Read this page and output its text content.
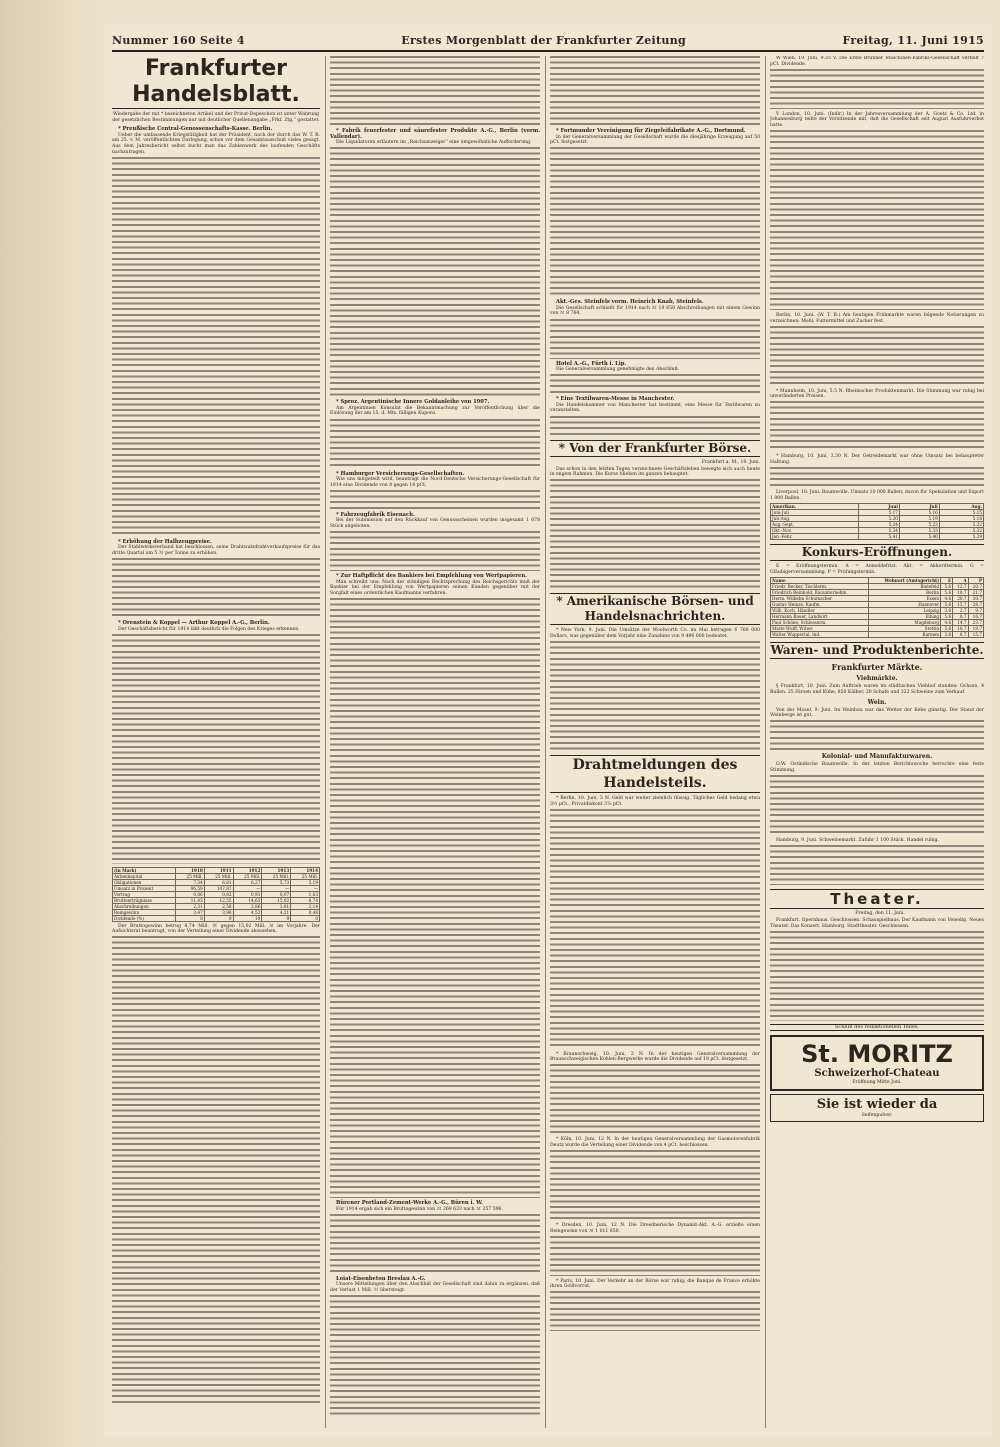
Nummer 160 Seite 4	Erstes Morgenblatt der Frankfurter Zeitung	Freitag, 11. Juni 1915
Frankfurter Handelsblatt.
Wiedergabe der mit * bezeichneten Artikel und der Privat-Depeschen ist unter Wahrung der gesetzlichen Bestimmungen nur mit deutlicher Quellenangabe „Frkf. Ztg.“ gestattet.
* Preußische Central-Genossenschafts-Kasse. Berlin.

Ueber die umfassende Kriegstätigkeit hat der Präsident, nach der durch das W. T. B. am 25. v. M. veröffentlichten Darlegung, schon vor dem Gesamtausschuß vieles gesagt. Aus dem Jahresbericht selbst bucht man das Zahlenwerk des laufenden Geschäfts nachzutragen.

* Erhöhung der Halbzeugpreise.

Der Stahlwerksverband hat beschlossen, seine Drahtwalzdrahtverkaufspreise für das dritte Quartal um 5 ℳ per Tonne zu erhöhen.

* Orenstein & Koppel — Arthur Koppel A.-G., Berlin.

Der Geschäftsbericht für 1914 läßt deutlich die Folgen des Krieges erkennen.

(in Mark)	1910	1911	1912	1913	1914
Aktienkapital	25 Mill.	25 Mill.	25 Mill.	25 Mill.	25 Mill.
Obligationen	7,34	6,81	6,27	5,73	5,19
Umsatz in Prozent	96,59	107,87	—	—	—
Vortrag	0,86	0,82	0,91	0,97	1,03
Bruttoerträgnisse	11,43	12,55	14,63	15,02	8,74
Abschreibungen	2,31	2,58	2,86	3,01	2,14
Reingewinn	3,47	3,96	4,52	4,21	0,48
Dividende (%)	8	9	10	9	0

Der Bruttogewinn betrug 8,74 Mill. ℳ gegen 15,02 Mill. ℳ im Vorjahre. Der Aufsichtsrat beantragt, von der Verteilung einer Dividende abzusehen.

* Fabrik feuerfester und säurefester Produkte A.-G., Berlin (vorm. Vallendar).

Die Liquidatoren erläutern im „Reichsanzeiger“ eine umgewöhnliche Aufforderung.

* Sproz. Argentinische Innere Goldanleihe von 1907.

Am Argentinien Konsulat die Bekanntmachung zur Veröffentlichung über die Einlösung der am 15. d. Mts. fälligen Kupons.

* Hamburger Versicherungs-Gesellschaften.

Wie uns mitgeteilt wird, beantragt die Nord-Deutsche Versicherungs-Gesellschaft für 1914 eine Dividende von 8 gegen 14 pCt.

* Fahrzeugfabrik Eisenach.

Bei der Submission auf den Rückkauf von Genussscheinen wurden insgesamt 1 078 Stück angeboten.

* Zur Haftpflicht des Bankiers bei Empfehlung von Wertpapieren.

Man schreibt uns: Nach der ständigen Rechtsprechung des Reichsgerichts muß der Bankier bei der Empfehlung von Wertpapieren seinen Kunden gegenüber mit der Sorgfalt eines ordentlichen Kaufmanns verfahren.

Bürener Portland-Zement-Werke A.-G., Büren i. W.

Für 1914 ergab sich ein Bruttogewinn von ℳ 269 633 nach ℳ 257 596.

Loiat-Eisenbeton Breslau A.-G.

Unsere Mitteilungen über den Abschluß der Gesellschaft sind dahin zu ergänzen, daß der Verlust 1 Mill. ℳ übersteigt.

* Fortmunder Vereinigung für Ziegeleifabrikate A.-G., Dortmund.

In der Generalversammlung der Gesellschaft wurde die diesjährige Erzeugung auf 50 pCt. festgesetzt.

Akt.-Ges. Steinfels vorm. Heinrich Knab, Steinfels.

Die Gesellschaft schließt für 1914 nach ℳ 19 658 Abschreibungen mit einem Gewinn von ℳ 8 764.

Hotel A.-G., Fürth i. Lip.

Die Generalversammlung genehmigte den Abschluß.

* Eine Textilwaren-Messe in Manchester.

Die Handelskammer von Manchester hat bestimmt, eine Messe für Textilwaren zu veranstalten.

* Von der Frankfurter Börse.

Frankfurt a. M., 10. Juni.

Das schon in den letzten Tagen verzeichnete Geschäftsleben bewegte sich auch heute in engem Rahmen. Die Kurse blieben im ganzen behauptet.

* Amerikanische Börsen- und Handelsnachrichten.

* New York, 9. Juni. Die Umsätze der Woolworth Co. im Mai betrugen 6 766 000 Dollars, was gegenüber dem Vorjahr eine Zunahme von 9 496 000 bedeutet.

Drahtmeldungen des Handelsteils.

* Berlin, 10. Juni, 3 N. Geld war weiter ziemlich flüssig. Tägliches Geld bedang etwa 3½ pCt., Privatdiskont 3⅞ pCt.

* Braunschweig, 10. Juni, 2 N. In der heutigen Generalversammlung der Braunschweigischen Kohlen-Bergwerke wurde die Dividende auf 18 pCt. festgesetzt.

* Köln, 10. Juni, 12 N. In der heutigen Generalversammlung der Gasmotorenfabrik Deutz wurde die Verteilung einer Dividende von 4 pCt. beschlossen.

* Dresden, 10. Juni, 12 N. Die Dresdnerische Dynamit-Akt. A.-G. erzielte einen Reingewinn von ℳ 1 011 850.

* Paris, 10. Juni. Der Verkehr an der Börse war ruhig; die Banque de France erhöhte ihren Goldvorrat.

W Wien, 10. Juni, 9.35 V. Die Erste Brünner Maschinen-Fabriks-Gesellschaft verteilt 7 pCt. Dividende.

V London, 10. Juni. (Indir.) In der Jahresversammlung der A. Goetz & Co. Ltd. in Johannesburg teilte der Vorsitzende mit, daß die Gesellschaft seit August Ausfuhrverbot hatte.

Berlin, 10. Juni. (W. T. B.) Am heutigen Frühmarkte waren folgende Notierungen zu verzeichnen: Mehl, Futtermittel und Zucker fest.

* Mannheim, 10. Juni, 5.5 N. Rheinischer Produktenmarkt. Die Stimmung war ruhig bei unveränderten Preisen.

* Hamburg, 10. Juni, 3.30 N. Der Getreidemarkt war ohne Umsatz bei behaupteter Haltung.

Liverpool, 10. Juni. Baumwolle. Umsatz 10 000 Ballen, davon für Spekulation und Export 1 000 Ballen.

Amerikan.	Juni	Juli	Aug.
Juni-Juli	5.17	5.16	5.15
Juli-Aug.	5.20	5.19	5.18
Aug.-Sept.	5.24	5.23	5.22
Okt.-Nov.	5.34	5.33	5.32
Jan.-Febr.	5.41	5.40	5.39
Konkurs-Eröffnungen.

E = Eröffnungstermin. A = Anmeldefrist. Akt. = Akkordtermin. G = Gläubigerversammlung. P = Prüfungstermin.

Name	Wohnort (Amtsgericht)	E	A	P
Friedr. Becker, Tischlerm.	Bielefeld	5.6	12.7	20.7
Friedrich Reinhold, Bauunternehm.	Berlin	5.6	10.7	21.7
Herm. Wilhelm Schumacher	Essen	4.6	20.7	30.7
Gustav Heinze, Kaufm.	Hannover	5.6	15.7	28.7
Wilh. Koch, Händler	Leipzig	3.6	2.7	9.7
Hermann Bauer, Landwirt	Elbing	5.6	8.7	16.7
Paul Schöne, Schlosserm.	Magdeburg	4.6	14.7	23.7
Marie Wolff, Witwe	Stettin	5.6	10.7	19.7
Walter Wuppertal, Ind.	Barmen	3.6	6.7	15.7
Waren- und Produktenberichte.
Frankfurter Märkte.
Viehmärkte.

§ Frankfurt, 10. Juni. Zum Auftrieb waren im städtischen Viehhof standen: Ochsen, 4 Bullen, 25 Färsen und Kühe, 850 Kälber, 20 Schafe und 322 Schweine zum Verkauf.

Wein.

Von der Mosel, 9. Juni. Im Weinbau war das Wetter der Rebe günstig. Der Stand der Weinberge ist gut.

Kolonial- und Manufakturwaren.

O.W. Ostindische Baumwolle. In der letzten Berichtswoche herrschte eine feste Stimmung.

Hamburg, 9. Juni. Schweinemarkt. Zufuhr 1 100 Stück. Handel ruhig.

Theater.

Freitag, den 11. Juni.

Frankfurt. Opernhaus. Geschlossen. Schauspielhaus. Der Kaufmann von Venedig. Neues Theater. Das Konzert. Hamburg. Stadttheater. Geschlossen.

Schluß des redaktionellen Teiles.
St. MORITZ
Schweizerhof-Chateau
Eröffnung Mitte Juni.
Sie ist wieder da
Seifenpulver.
